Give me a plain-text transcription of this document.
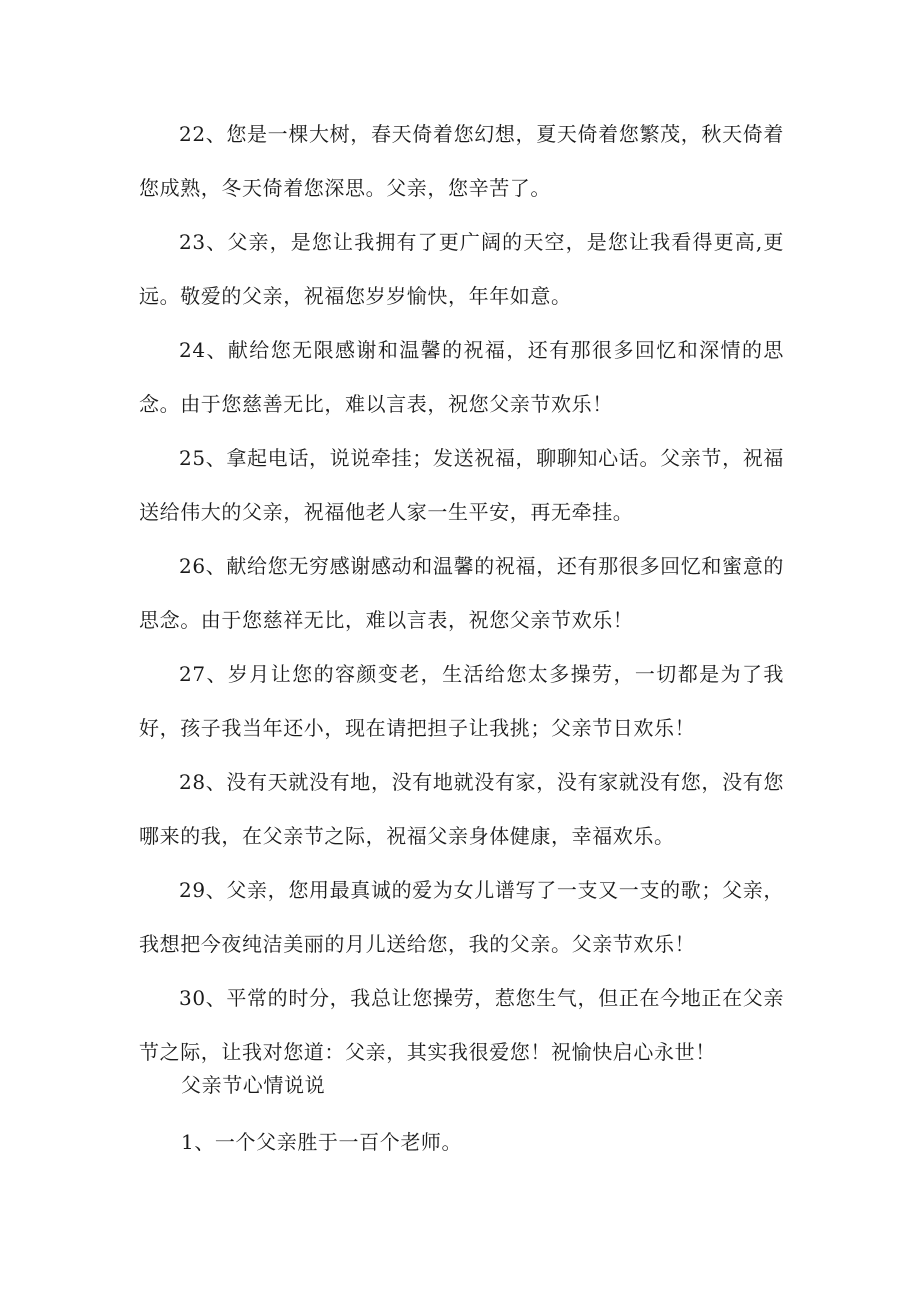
22、您是一棵大树，春天倚着您幻想，夏天倚着您繁茂，秋天倚着您成熟，冬天倚着您深思。父亲，您辛苦了。

24、献给您无限感谢和温馨的祝福，还有那很多回忆和深情的思念。由于您慈善无比，难以言表，祝您父亲节欢乐！

23、父亲，是您让我拥有了更广阔的天空，是您让我看得更高,更远。敬爱的父亲，祝福您岁岁愉快，年年如意。

25、拿起电话，说说牵挂；发送祝福，聊聊知心话。父亲节，祝福送给伟大的父亲，祝福他老人家一生平安，再无牵挂。

26、献给您无穷感谢感动和温馨的祝福，还有那很多回忆和蜜意的思念。由于您慈祥无比，难以言表，祝您父亲节欢乐！

27、岁月让您的容颜变老，生活给您太多操劳，一切都是为了我好，孩子我当年还小，现在请把担子让我挑；父亲节日欢乐！

28、没有天就没有地，没有地就没有家，没有家就没有您，没有您哪来的我，在父亲节之际，祝福父亲身体健康，幸福欢乐。

29、父亲，您用最真诚的爱为女儿谱写了一支又一支的歌；父亲，我想把今夜纯洁美丽的月儿送给您，我的父亲。父亲节欢乐！

30、平常的时分，我总让您操劳，惹您生气，但正在今地正在父亲节之际，让我对您道：父亲，其实我很爱您！祝愉快启心永世！

父亲节心情说说

1、一个父亲胜于一百个老师。
